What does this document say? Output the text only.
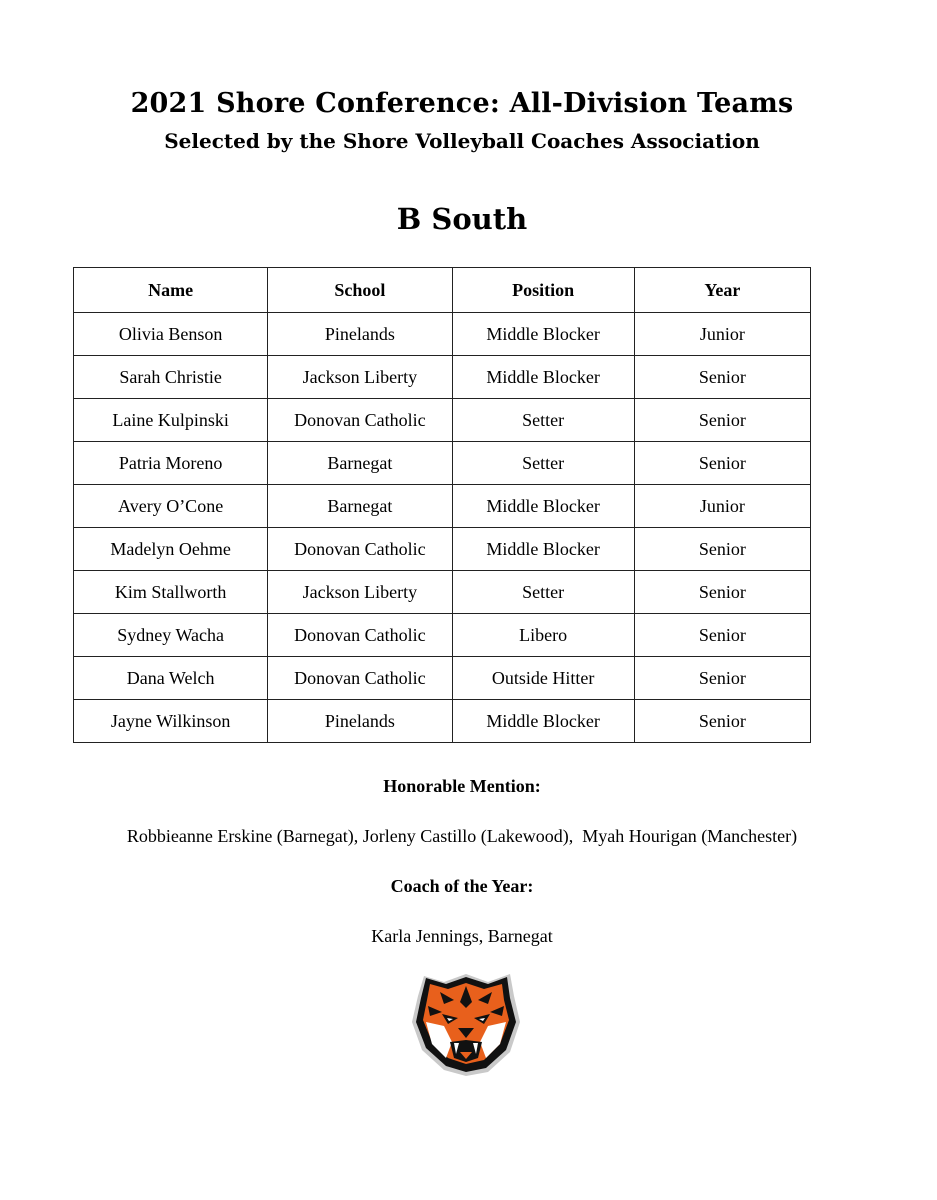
2021 Shore Conference: All-Division Teams
Selected by the Shore Volleyball Coaches Association
B South
Name	School	Position	Year
Olivia Benson	Pinelands	Middle Blocker	Junior
Sarah Christie	Jackson Liberty	Middle Blocker	Senior
Laine Kulpinski	Donovan Catholic	Setter	Senior
Patria Moreno	Barnegat	Setter	Senior
Avery O’Cone	Barnegat	Middle Blocker	Junior
Madelyn Oehme	Donovan Catholic	Middle Blocker	Senior
Kim Stallworth	Jackson Liberty	Setter	Senior
Sydney Wacha	Donovan Catholic	Libero	Senior
Dana Welch	Donovan Catholic	Outside Hitter	Senior
Jayne Wilkinson	Pinelands	Middle Blocker	Senior
Honorable Mention:
Robbieanne Erskine (Barnegat), Jorleny Castillo (Lakewood),  Myah Hourigan (Manchester)
Coach of the Year:
Karla Jennings, Barnegat
